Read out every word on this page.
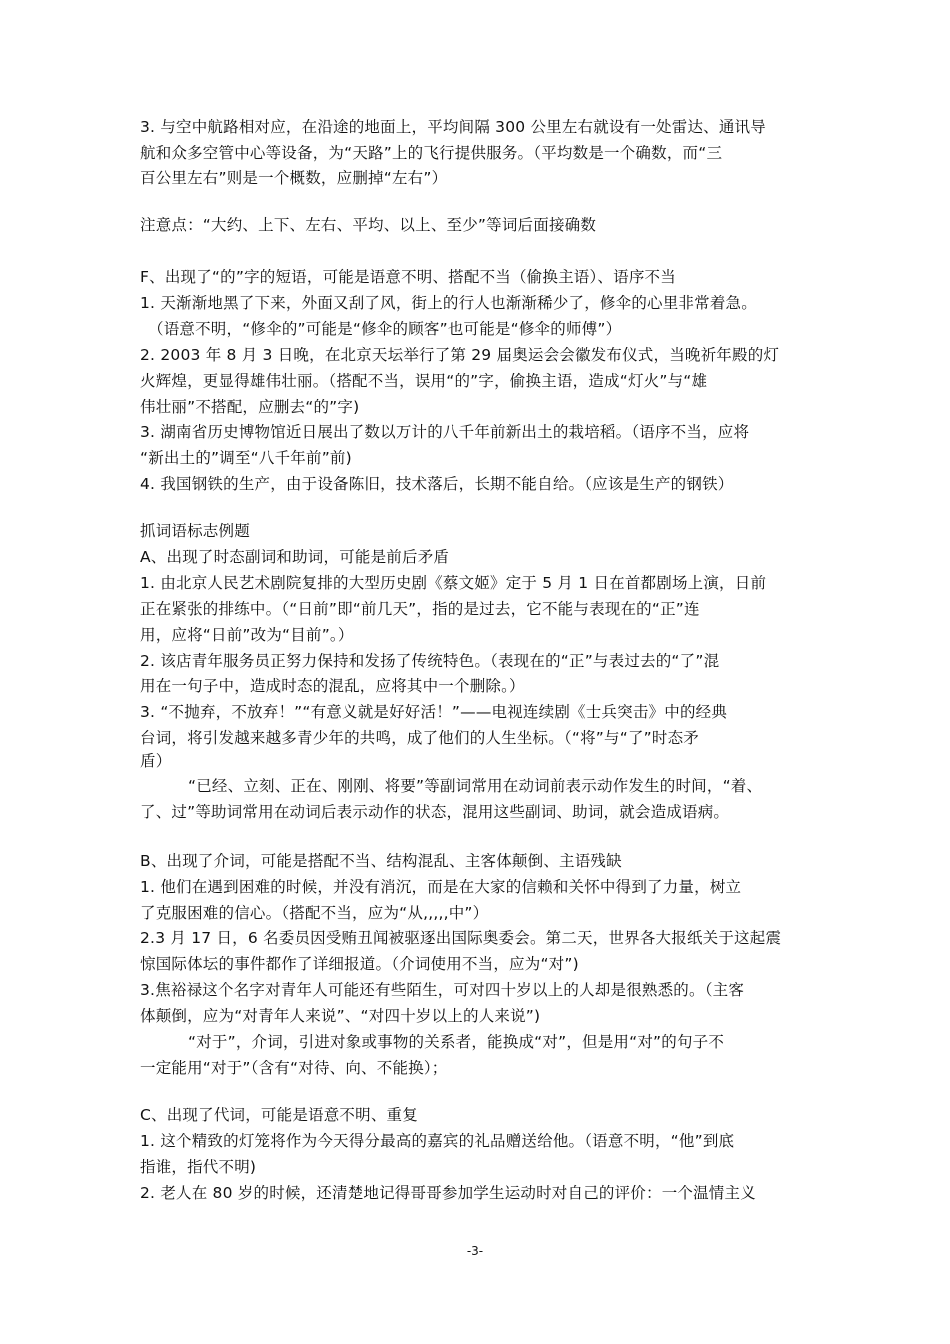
3. 与空中航路相对应，在沿途的地面上，平均间隔 300 公里左右就设有一处雷达、通讯导
航和众多空管中心等设备，为“天路”上的飞行提供服务。（平均数是一个确数，而“三
百公里左右”则是一个概数，应删掉“左右”）
注意点：“大约、上下、左右、平均、以上、至少”等词后面接确数
F、出现了“的”字的短语，可能是语意不明、搭配不当（偷换主语）、语序不当
1. 天渐渐地黑了下来，外面又刮了风，街上的行人也渐渐稀少了，修伞的心里非常着急。
（语意不明，“修伞的”可能是“修伞的顾客”也可能是“修伞的师傅”）
2. 2003 年 8 月 3 日晚，在北京天坛举行了第 29 届奥运会会徽发布仪式，当晚祈年殿的灯
火辉煌，更显得雄伟壮丽。（搭配不当，误用“的”字，偷换主语，造成“灯火”与“雄
伟壮丽”不搭配，应删去“的”字)
3. 湖南省历史博物馆近日展出了数以万计的八千年前新出土的栽培稻。（语序不当，应将
“新出土的”调至“八千年前”前)
4. 我国钢铁的生产，由于设备陈旧，技术落后，长期不能自给。（应该是生产的钢铁）
抓词语标志例题
A、出现了时态副词和助词，可能是前后矛盾
1. 由北京人民艺术剧院复排的大型历史剧《蔡文姬》定于 5 月 1 日在首都剧场上演，日前
正在紧张的排练中。（“日前”即“前几天”，指的是过去，它不能与表现在的“正”连
用，应将“日前”改为“目前”。）
2. 该店青年服务员正努力保持和发扬了传统特色。（表现在的“正”与表过去的“了”混
用在一句子中，造成时态的混乱，应将其中一个删除。）
3. “不抛弃，不放弃！”“有意义就是好好活！”——电视连续剧《士兵突击》中的经典
台词，将引发越来越多青少年的共鸣，成了他们的人生坐标。（“将”与“了”时态矛
盾）
“已经、立刻、正在、刚刚、将要”等副词常用在动词前表示动作发生的时间，“着、
了、过”等助词常用在动词后表示动作的状态，混用这些副词、助词，就会造成语病。
B、出现了介词，可能是搭配不当、结构混乱、主客体颠倒、主语残缺
1. 他们在遇到困难的时候，并没有消沉，而是在大家的信赖和关怀中得到了力量，树立
了克服困难的信心。（搭配不当，应为“从,,,,,中”）
2.3 月 17 日，6 名委员因受贿丑闻被驱逐出国际奥委会。第二天，世界各大报纸关于这起震
惊国际体坛的事件都作了详细报道。（介词使用不当，应为“对”)
3.焦裕禄这个名字对青年人可能还有些陌生，可对四十岁以上的人却是很熟悉的。（主客
体颠倒，应为“对青年人来说”、“对四十岁以上的人来说”)
“对于”，介词，引进对象或事物的关系者，能换成“对”，但是用“对”的句子不
一定能用“对于”（含有“对待、向、不能换）；
C、出现了代词，可能是语意不明、重复
1. 这个精致的灯笼将作为今天得分最高的嘉宾的礼品赠送给他。（语意不明，“他”到底
指谁，指代不明)
2. 老人在 80 岁的时候，还清楚地记得哥哥参加学生运动时对自己的评价：一个温情主义
-3-
